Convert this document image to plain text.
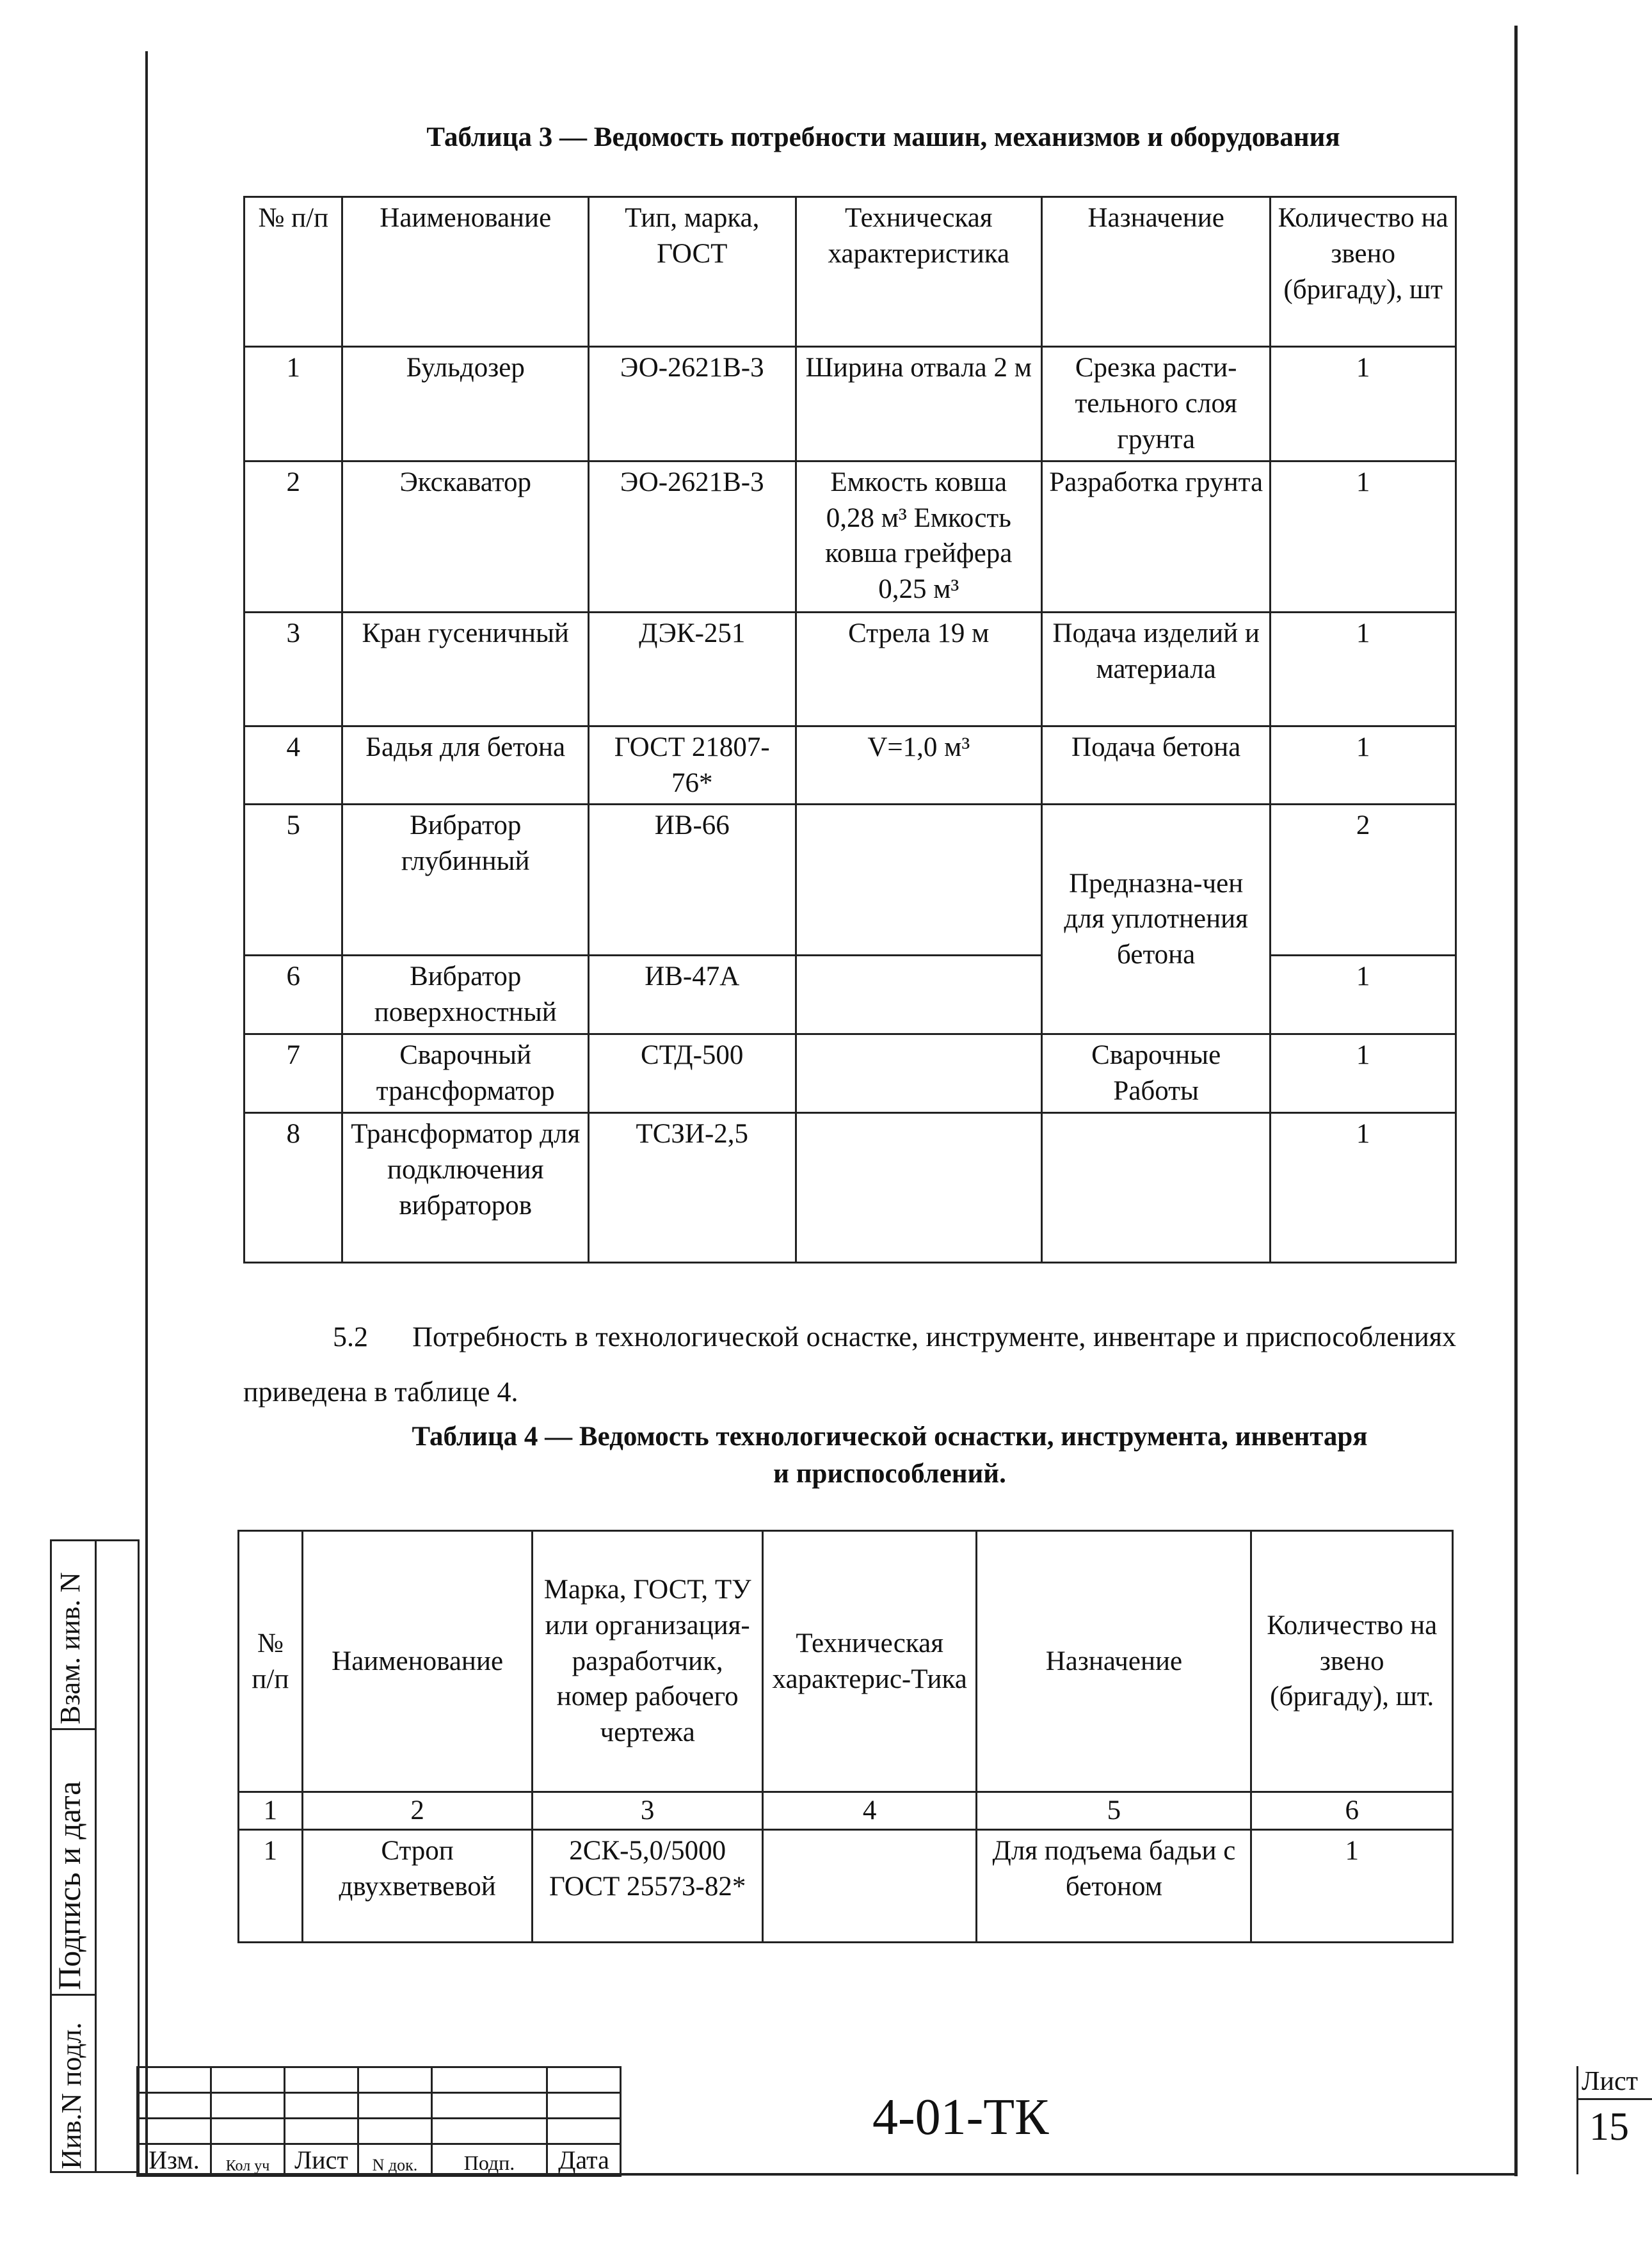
Таблица 3 — Ведомость потребности машин, механизмов и оборудования
№ п/п	Наименование	Тип, марка, ГОСТ	Техническая характеристика	Назначение	Количество на звено (бригаду), шт
1	Бульдозер	ЭО-2621В-3	Ширина отвала 2 м	Срезка расти-тельного слоя грунта	1
2	Экскаватор	ЭО-2621В-3	Емкость ковша 0,28 м³ Емкость ковша грейфера 0,25 м³	Разработка грунта	1
3	Кран гусеничный	ДЭК-251	Стрела 19 м	Подача изделий и материала	1
4	Бадья для бетона	ГОСТ 21807-76*	V=1,0 м³	Подача бетона	1
5	Вибратор глубинный	ИВ-66		Предназна-чен для уплотнения бетона	2
6	Вибратор поверхностный	ИВ-47А			1
7	Сварочный трансформатор	СТД-500		Сварочные Работы	1
8	Трансформатор для подключения вибраторов	ТСЗИ-2,5			1

5.2 Потребность в технологической оснастке, инструменте, инвентаре и приспособлениях приведена в таблице 4.

Таблица 4 — Ведомость технологической оснастки, инструмента, инвентаря
и приспособлений.
№ п/п	Наименование	Марка, ГОСТ, ТУ или организация-разработчик, номер рабочего чертежа	Техническая характерис-Тика	Назначение	Количество на звено (бригаду), шт.
1	2	3	4	5	6
1	Строп двухветвевой	2СК-5,0/5000 ГОСТ 25573-82*		Для подъема бадьи с бетоном	1
Взам. иив. N
Подпись и дата
Иив.N подл.

					Изм.	Кол уч	Лист	N док.	Подп.	Дата
4-01-ТК
Лист
15
